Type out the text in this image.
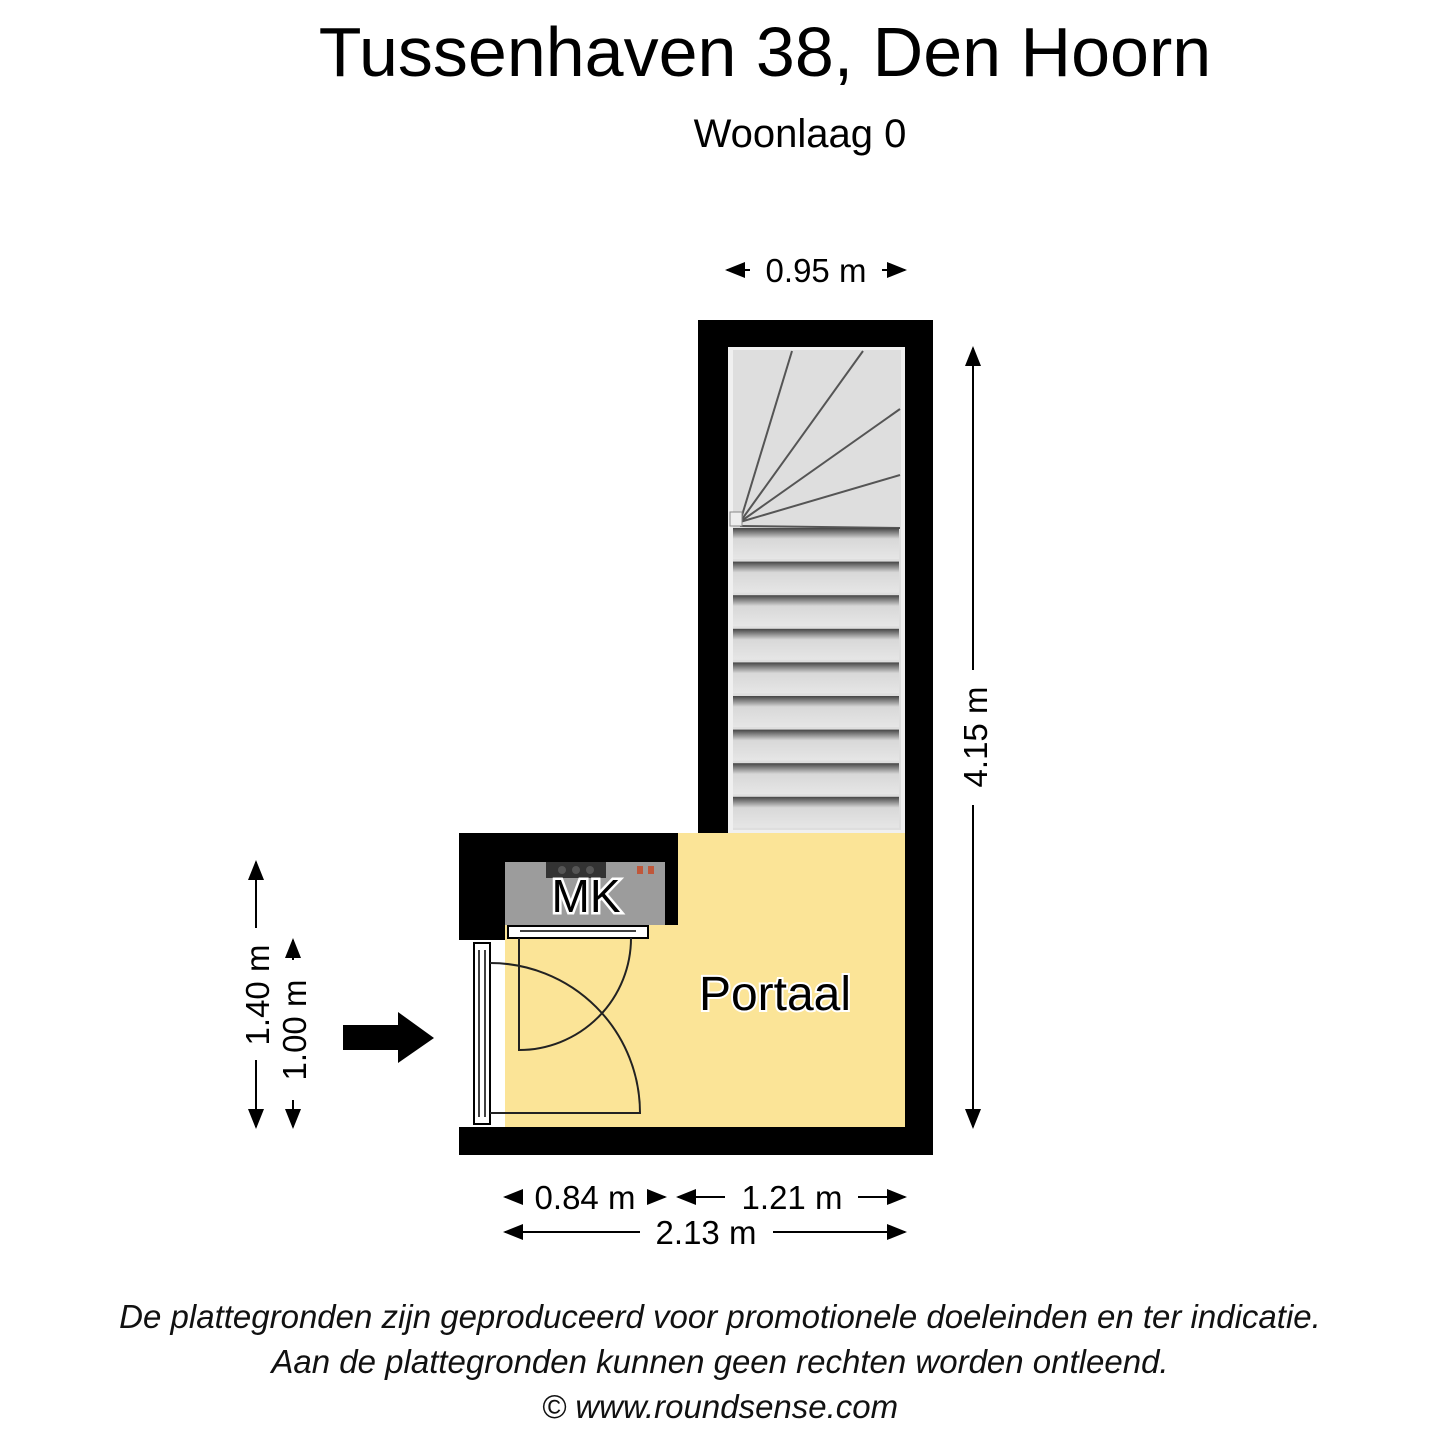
Tussenhaven 38, Den Hoorn
Woonlaag 0
MK
Portaal
0.95 m
4.15 m
1.40 m 1.00 m
0.84 m	1.21 m
2.13 m
De plattegronden zijn geproduceerd voor promotionele doeleinden en ter indicatie.
Aan de plattegronden kunnen geen rechten worden ontleend.
© www.roundsense.com
